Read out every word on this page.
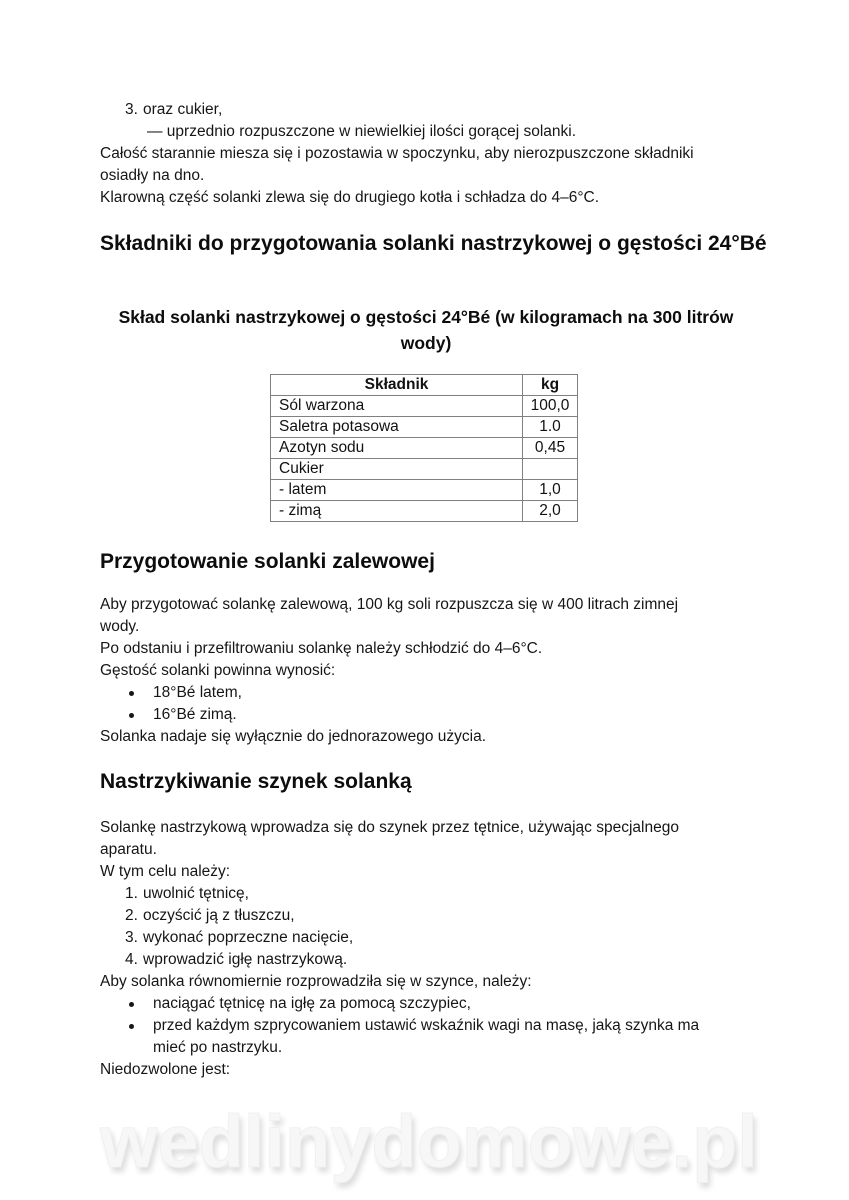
3. oraz cukier,
— uprzednio rozpuszczone w niewielkiej ilości gorącej solanki.

Całość starannie miesza się i pozostawia w spoczynku, aby nierozpuszczone składniki osiadły na dno.

Klarowną część solanki zlewa się do drugiego kotła i schładza do 4–6°C.

Składniki do przygotowania solanki nastrzykowej o gęstości 24°Bé
Skład solanki nastrzykowej o gęstości 24°Bé (w kilogramach na 300 litrów wody)
Składnik	kg
Sól warzona	100,0
Saletra potasowa	1.0
Azotyn sodu	0,45
Cukier	
- latem	1,0
- zimą	2,0
Przygotowanie solanki zalewowej

Aby przygotować solankę zalewową, 100 kg soli rozpuszcza się w 400 litrach zimnej wody.

Po odstaniu i przefiltrowaniu solankę należy schłodzić do 4–6°C.

Gęstość solanki powinna wynosić:

18°Bé latem,
16°Bé zimą.

Solanka nadaje się wyłącznie do jednorazowego użycia.

Nastrzykiwanie szynek solanką

Solankę nastrzykową wprowadza się do szynek przez tętnice, używając specjalnego aparatu.

W tym celu należy:

1. uwolnić tętnicę,
2. oczyścić ją z tłuszczu,
3. wykonać poprzeczne nacięcie,
4. wprowadzić igłę nastrzykową.

Aby solanka równomiernie rozprowadziła się w szynce, należy:

naciągać tętnicę na igłę za pomocą szczypiec,
przed każdym szprycowaniem ustawić wskaźnik wagi na masę, jaką szynka ma mieć po nastrzyku.

Niedozwolone jest:

wedlinydomowe.pl
